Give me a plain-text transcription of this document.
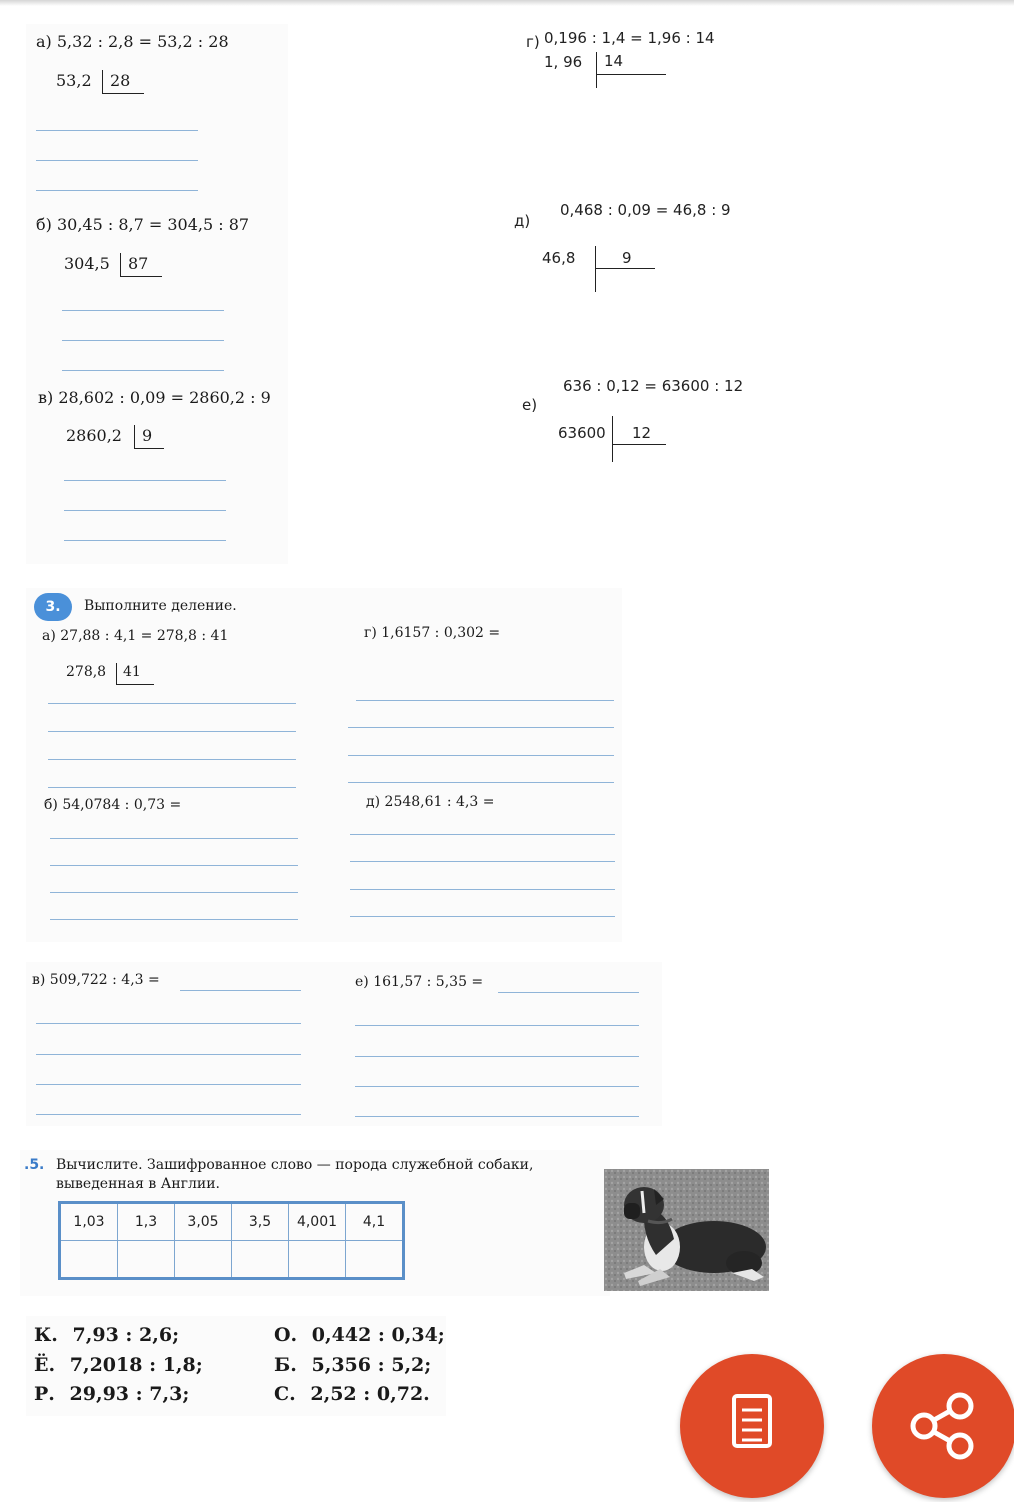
а) 5,32 : 2,8 = 53,2 : 28
53,2 28
б) 30,45 : 8,7 = 304,5 : 87
304,5 87
в) 28,602 : 0,09 = 2860,2 : 9
2860,2 9
г) 0,196 : 1,4 = 1,96 : 14
1, 96 14
д)
0,468 : 0,09 = 46,8 : 9
46,8	9
е)
636 : 0,12 = 63600 : 12
63600 12
3.	Выполните деление.
а) 27,88 : 4,1 = 278,8 : 41
278,8 41
г) 1,6157 : 0,302 =
б) 54,0784 : 0,73 =	д) 2548,61 : 4,3 =
в) 509,722 : 4,3 =	е) 161,57 : 5,35 =
.5. Вычислите. Зашифрованное слово — порода служебной собаки,
выведенная в Англии.
1,03	1,3	3,05	3,5	4,001	4,1

К. 7,93 : 2,6;
Ё. 7,2018 : 1,8;
Р. 29,93 : 7,3;
О. 0,442 : 0,34;
Б. 5,356 : 5,2;
С. 2,52 : 0,72.
